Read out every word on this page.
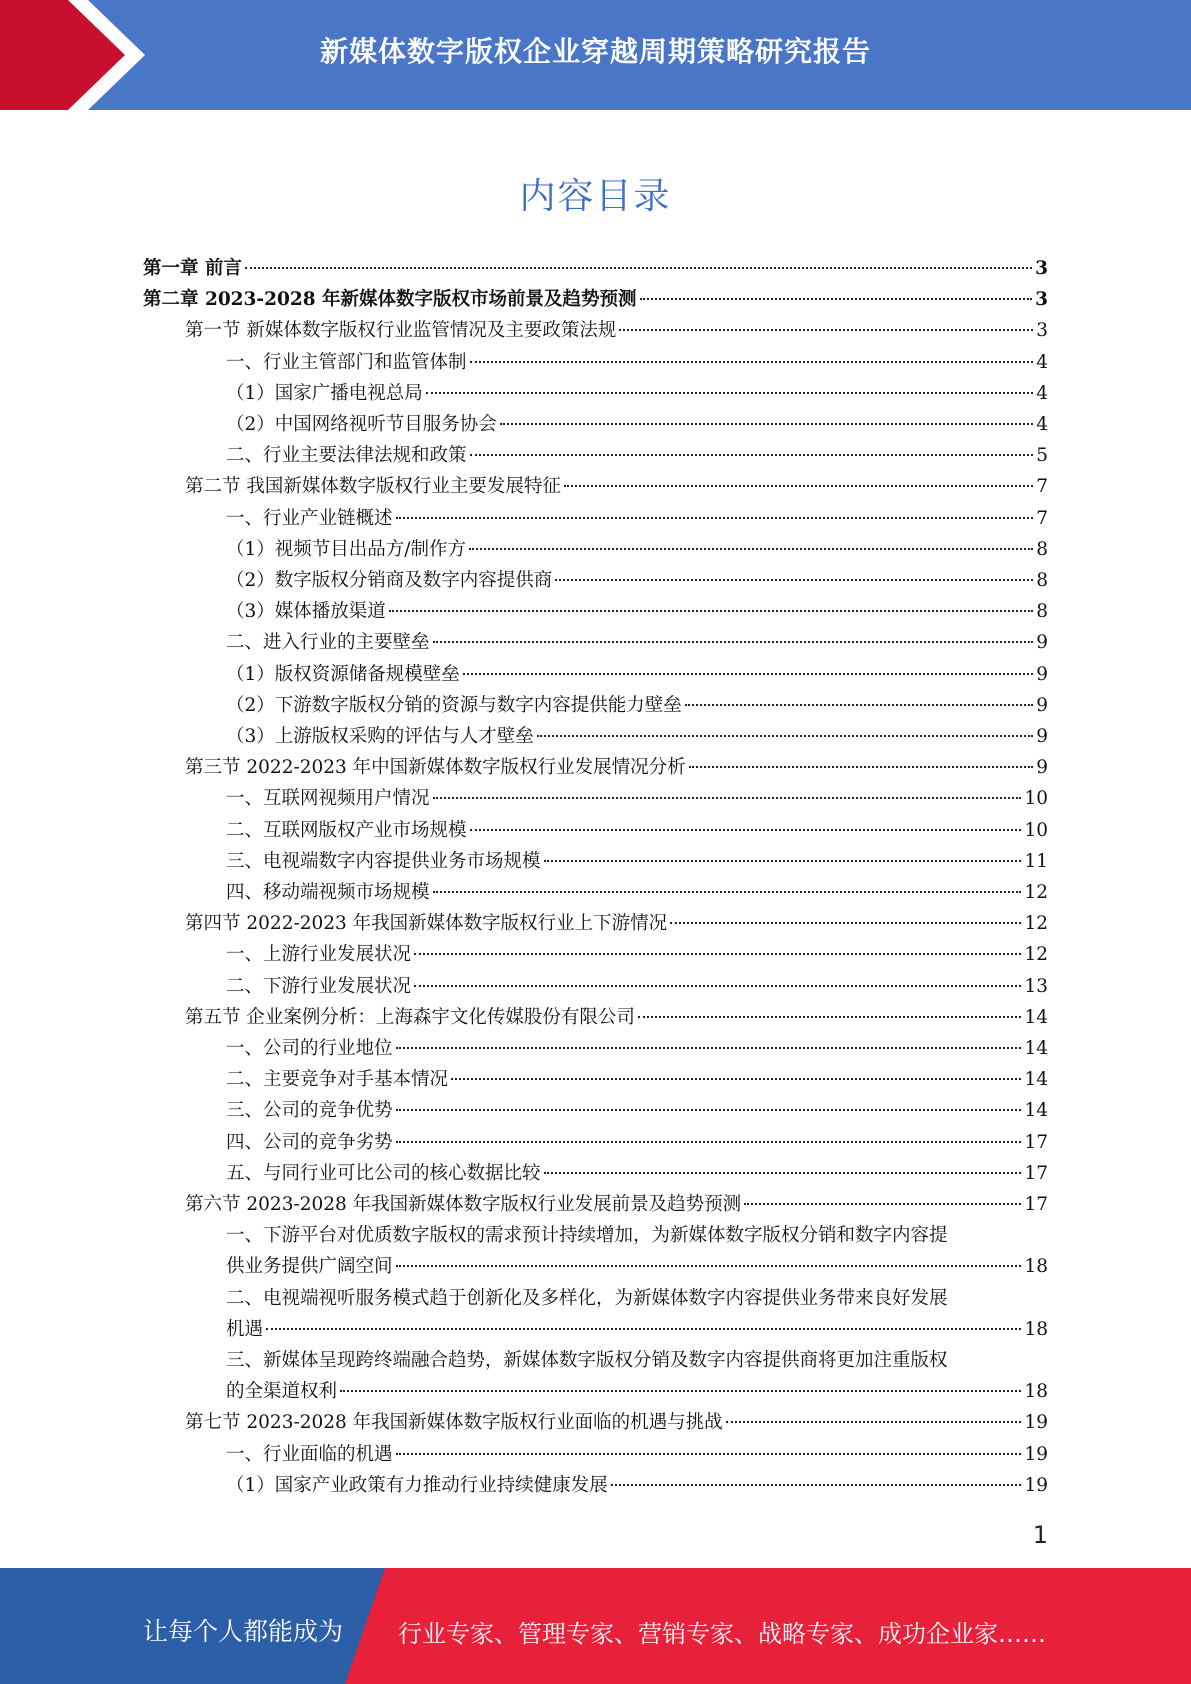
新媒体数字版权企业穿越周期策略研究报告
内容目录
第一章 前言	3
第二章 2023-2028 年新媒体数字版权市场前景及趋势预测	3
第一节 新媒体数字版权行业监管情况及主要政策法规	3
一、行业主管部门和监管体制	4
（1）国家广播电视总局	4
（2）中国网络视听节目服务协会	4
二、行业主要法律法规和政策	5
第二节 我国新媒体数字版权行业主要发展特征	7
一、行业产业链概述	7
（1）视频节目出品方/制作方	8
（2）数字版权分销商及数字内容提供商	8
（3）媒体播放渠道	8
二、进入行业的主要壁垒	9
（1）版权资源储备规模壁垒	9
（2）下游数字版权分销的资源与数字内容提供能力壁垒	9
（3）上游版权采购的评估与人才壁垒	9
第三节 2022-2023 年中国新媒体数字版权行业发展情况分析	9
一、互联网视频用户情况	10
二、互联网版权产业市场规模	10
三、电视端数字内容提供业务市场规模	11
四、移动端视频市场规模	12
第四节 2022-2023 年我国新媒体数字版权行业上下游情况	12
一、上游行业发展状况	12
二、下游行业发展状况	13
第五节 企业案例分析：上海森宇文化传媒股份有限公司	14
一、公司的行业地位	14
二、主要竞争对手基本情况	14
三、公司的竞争优势	14
四、公司的竞争劣势	17
五、与同行业可比公司的核心数据比较	17
第六节 2023-2028 年我国新媒体数字版权行业发展前景及趋势预测	17
一、下游平台对优质数字版权的需求预计持续增加，为新媒体数字版权分销和数字内容提
供业务提供广阔空间	18
二、电视端视听服务模式趋于创新化及多样化，为新媒体数字内容提供业务带来良好发展
机遇	18
三、新媒体呈现跨终端融合趋势，新媒体数字版权分销及数字内容提供商将更加注重版权
的全渠道权利	18
第七节 2023-2028 年我国新媒体数字版权行业面临的机遇与挑战	19
一、行业面临的机遇	19
（1）国家产业政策有力推动行业持续健康发展	19
1
让每个人都能成为 行业专家、管理专家、营销专家、战略专家、成功企业家……
